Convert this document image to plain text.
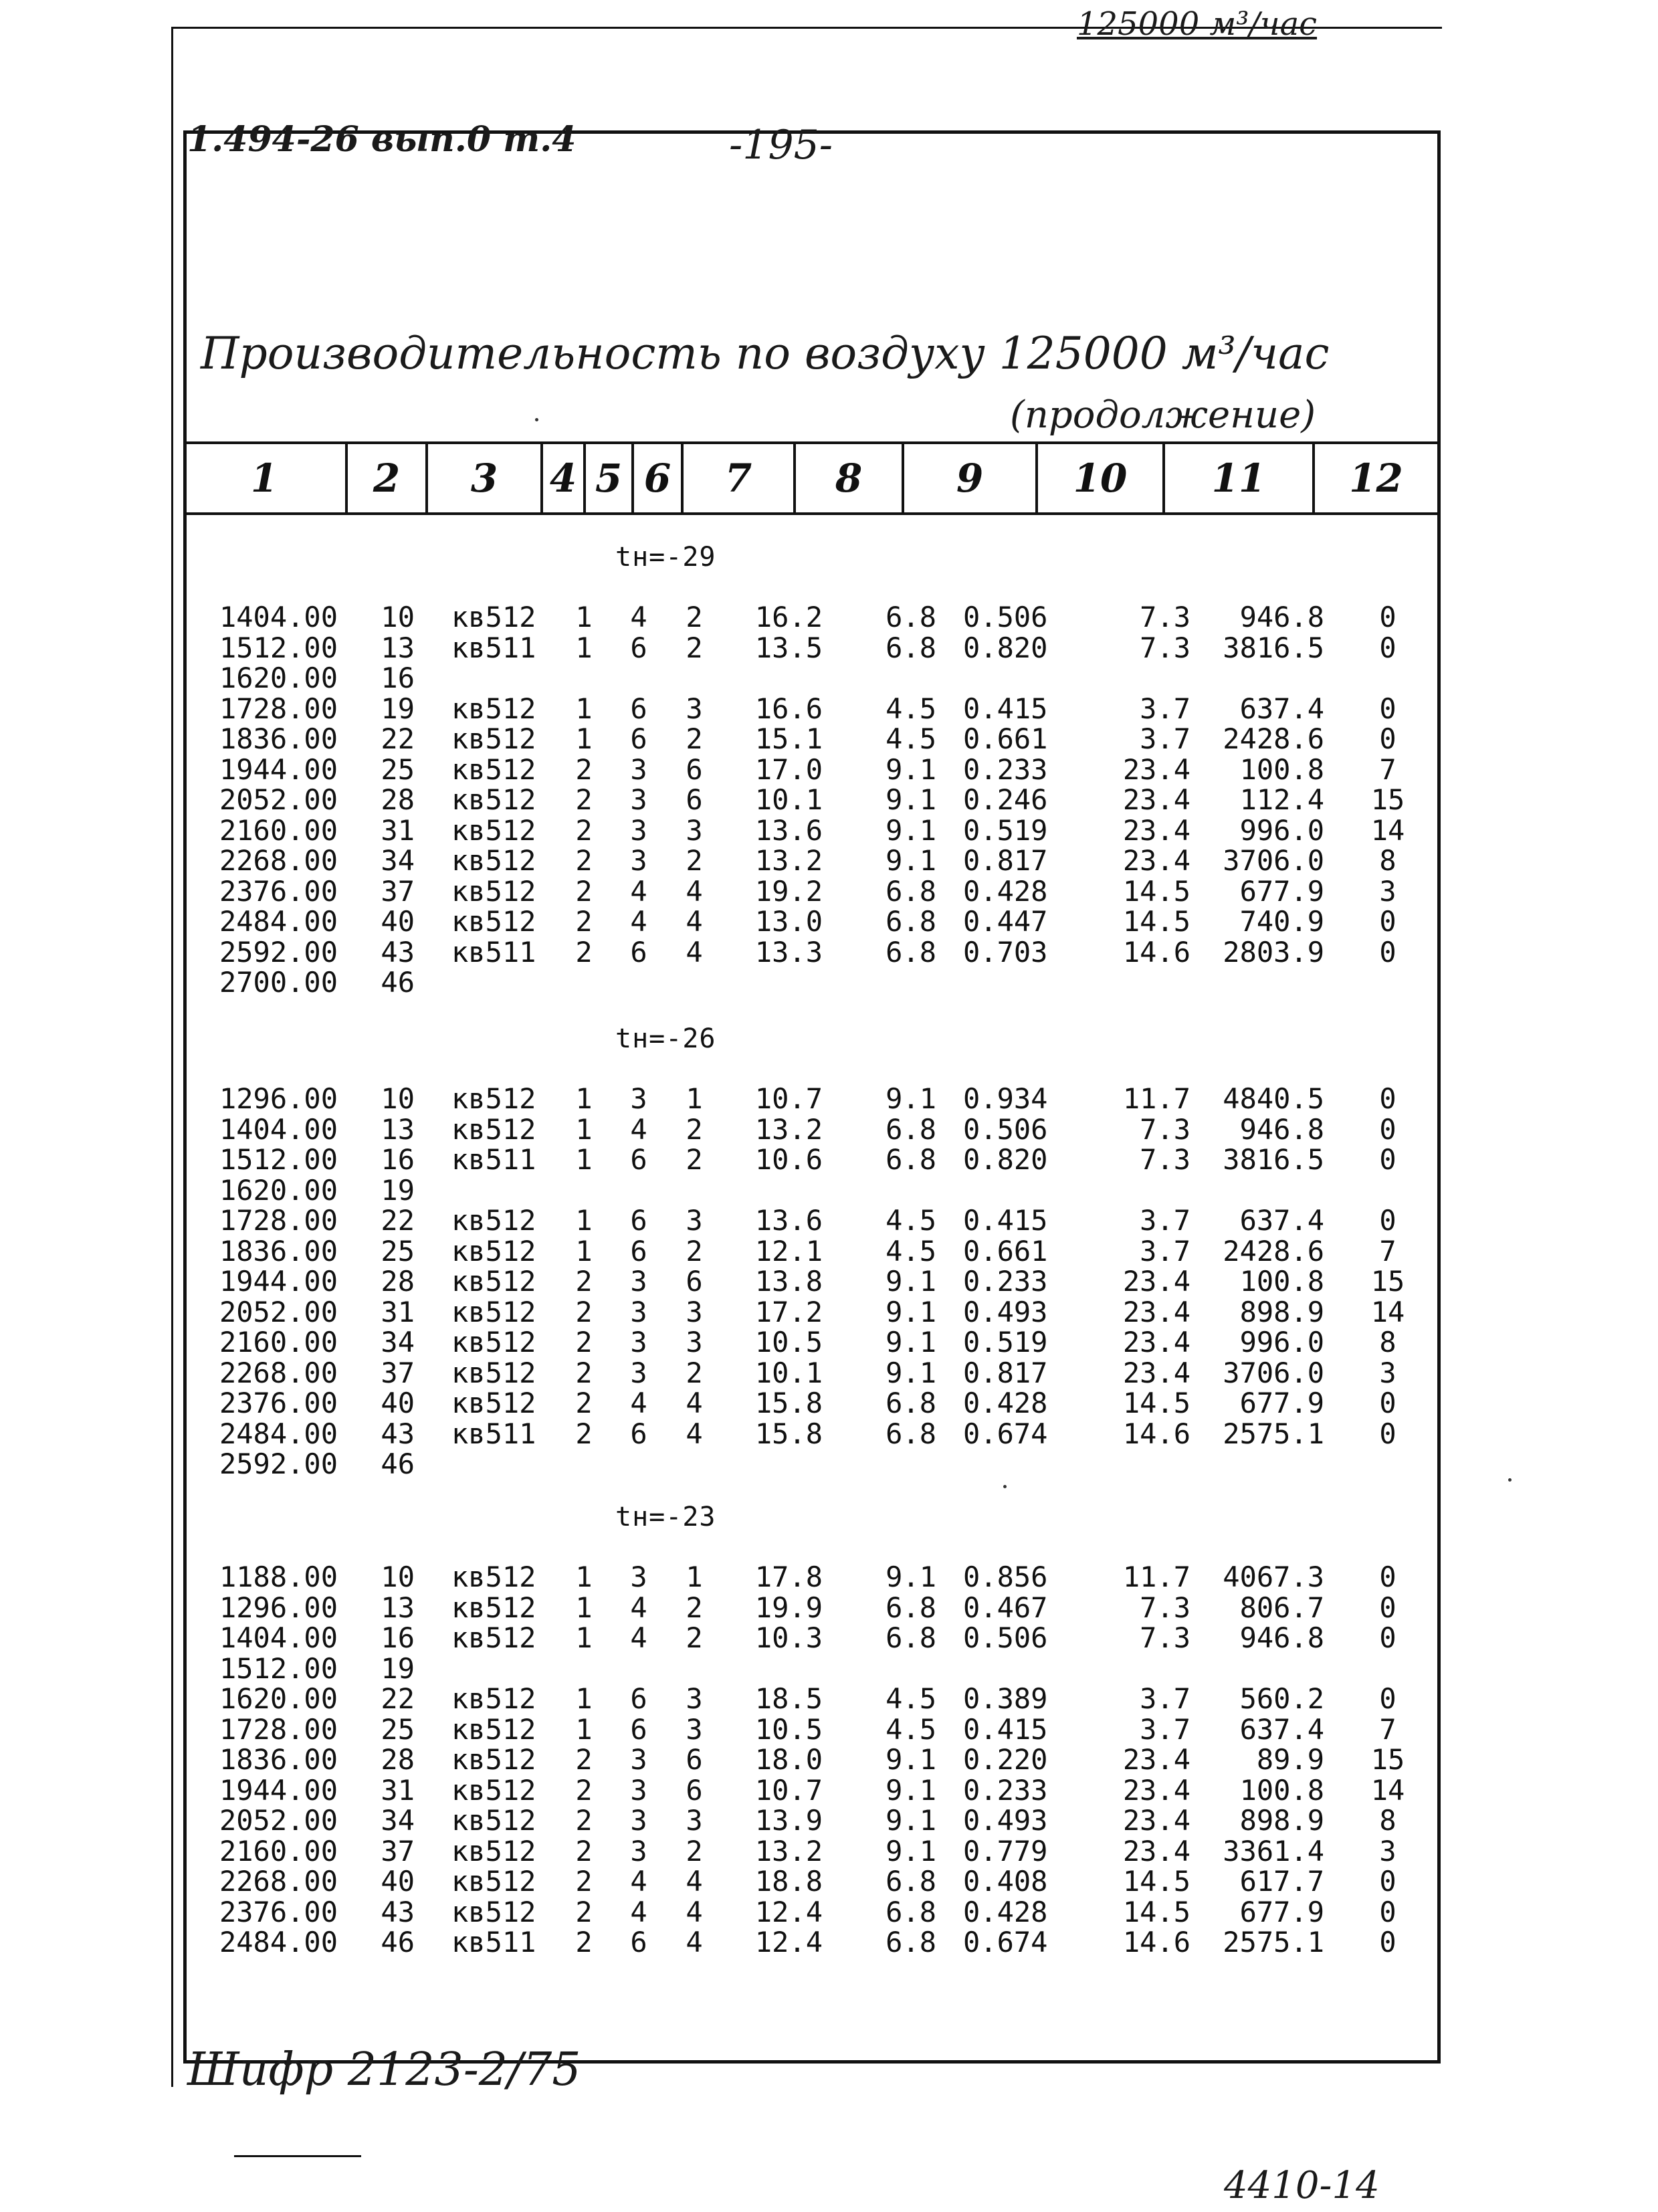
125000 м³/час
1.494-26 вып.0 т.4	-195-
Производительность по воздуху 125000 м³/час
(продолжение)
1	2	3	4 5 6	7	8	9	10	11	12
tн=-29
1404.00 10 кв512	1 4 2	16.2	6.8 0.506	7.3	946.8	0
1512.00 13 кв511	1 6 2	13.5	6.8 0.820	7.3	3816.5	0
1620.00 16
1728.00 19 кв512	1 6 3	16.6	4.5 0.415	3.7	637.4	0
1836.00 22 кв512	1 6 2	15.1	4.5 0.661	3.7	2428.6	0
1944.00 25 кв512	2 3 6	17.0	9.1 0.233	23.4	100.8	7
2052.00 28 кв512	2 3 6	10.1	9.1 0.246	23.4	112.4 15
2160.00 31 кв512	2 3 3	13.6	9.1 0.519	23.4	996.0 14
2268.00 34 кв512	2 3 2	13.2	9.1 0.817	23.4	3706.0	8
2376.00 37 кв512	2 4 4	19.2	6.8 0.428	14.5	677.9	3
2484.00 40 кв512	2 4 4	13.0	6.8 0.447	14.5	740.9	0
2592.00 43 кв511	2 6 4	13.3	6.8 0.703	14.6	2803.9	0
2700.00 46
tн=-26
1296.00 10 кв512	1 3 1	10.7	9.1 0.934	11.7	4840.5	0
1404.00 13 кв512	1 4 2	13.2	6.8 0.506	7.3	946.8	0
1512.00 16 кв511	1 6 2	10.6	6.8 0.820	7.3	3816.5	0
1620.00 19
1728.00 22 кв512	1 6 3	13.6	4.5 0.415	3.7	637.4	0
1836.00 25 кв512	1 6 2	12.1	4.5 0.661	3.7	2428.6	7
1944.00 28 кв512	2 3 6	13.8	9.1 0.233	23.4	100.8 15
2052.00 31 кв512	2 3 3	17.2	9.1 0.493	23.4	898.9 14
2160.00 34 кв512	2 3 3	10.5	9.1 0.519	23.4	996.0	8
2268.00 37 кв512	2 3 2	10.1	9.1 0.817	23.4	3706.0	3
2376.00 40 кв512	2 4 4	15.8	6.8 0.428	14.5	677.9	0
2484.00 43 кв511	2 6 4	15.8	6.8 0.674	14.6	2575.1	0
2592.00 46
tн=-23
1188.00 10 кв512	1 3 1	17.8	9.1 0.856	11.7	4067.3	0
1296.00 13 кв512	1 4 2	19.9	6.8 0.467	7.3	806.7	0
1404.00 16 кв512	1 4 2	10.3	6.8 0.506	7.3	946.8	0
1512.00 19
1620.00 22 кв512	1 6 3	18.5	4.5 0.389	3.7	560.2	0
1728.00 25 кв512	1 6 3	10.5	4.5 0.415	3.7	637.4	7
1836.00 28 кв512	2 3 6	18.0	9.1 0.220	23.4	89.9 15
1944.00 31 кв512	2 3 6	10.7	9.1 0.233	23.4	100.8 14
2052.00 34 кв512	2 3 3	13.9	9.1 0.493	23.4	898.9	8
2160.00 37 кв512	2 3 2	13.2	9.1 0.779	23.4	3361.4	3
2268.00 40 кв512	2 4 4	18.8	6.8 0.408	14.5	617.7	0
2376.00 43 кв512	2 4 4	12.4	6.8 0.428	14.5	677.9	0
2484.00 46 кв511	2 6 4	12.4	6.8 0.674	14.6	2575.1	0
Шифр 2123-2/75
4410-14
